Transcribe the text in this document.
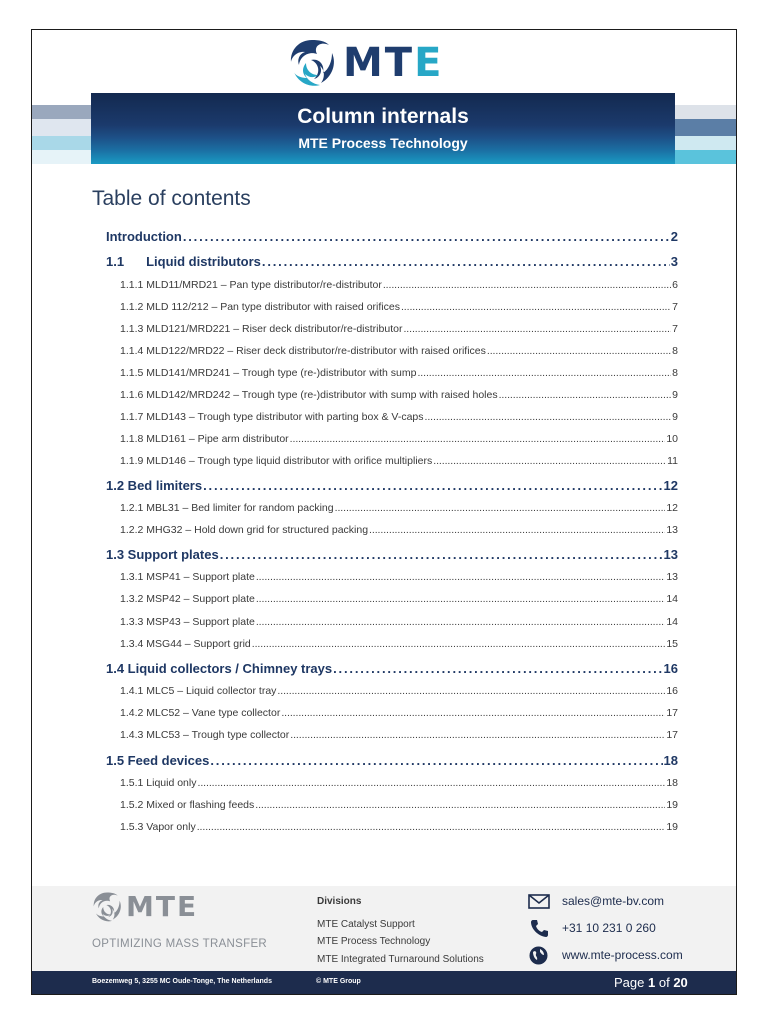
MTE
Column internals
MTE Process Technology
Table of contents
Introduction . . .	2
1.1 Liquid distributors . . .	3
1.1.1 MLD11/MRD21 – Pan type distributor/re-distributor . . .	6
1.1.2 MLD 112/212 – Pan type distributor with raised orifices . . .	7
1.1.3 MLD121/MRD221 – Riser deck distributor/re-distributor . . .	7
1.1.4 MLD122/MRD22 – Riser deck distributor/re-distributor with raised orifices . . .	8
1.1.5 MLD141/MRD241 – Trough type (re-)distributor with sump . . .	8
1.1.6 MLD142/MRD242 – Trough type (re-)distributor with sump with raised holes . . .	9
1.1.7 MLD143 – Trough type distributor with parting box & V-caps . . .	9
1.1.8 MLD161 – Pipe arm distributor . . .	10
1.1.9 MLD146 – Trough type liquid distributor with orifice multipliers . . .	11
1.2 Bed limiters . . .	12
1.2.1 MBL31 – Bed limiter for random packing . . .	12
1.2.2 MHG32 – Hold down grid for structured packing . . .	13
1.3 Support plates . . .	13
1.3.1 MSP41 – Support plate . . .	13
1.3.2 MSP42 – Support plate . . .	14
1.3.3 MSP43 – Support plate . . .	14
1.3.4 MSG44 – Support grid . . .	15
1.4 Liquid collectors / Chimney trays . . .	16
1.4.1 MLC5 – Liquid collector tray . . .	16
1.4.2 MLC52 – Vane type collector . . .	17
1.4.3 MLC53 – Trough type collector . . .	17
1.5 Feed devices . . .	18
1.5.1 Liquid only . . .	18
1.5.2 Mixed or flashing feeds . . .	19
1.5.3 Vapor only . . .	19
MTE
OPTIMIZING MASS TRANSFER
Divisions
MTE Catalyst Support
MTE Process Technology
MTE Integrated Turnaround Solutions
sales@mte-bv.com
+31 10 231 0 260
www.mte-process.com
Boezemweg 5, 3255 MC Oude-Tonge, The Netherlands	© MTE Group	Page 1 of 20
